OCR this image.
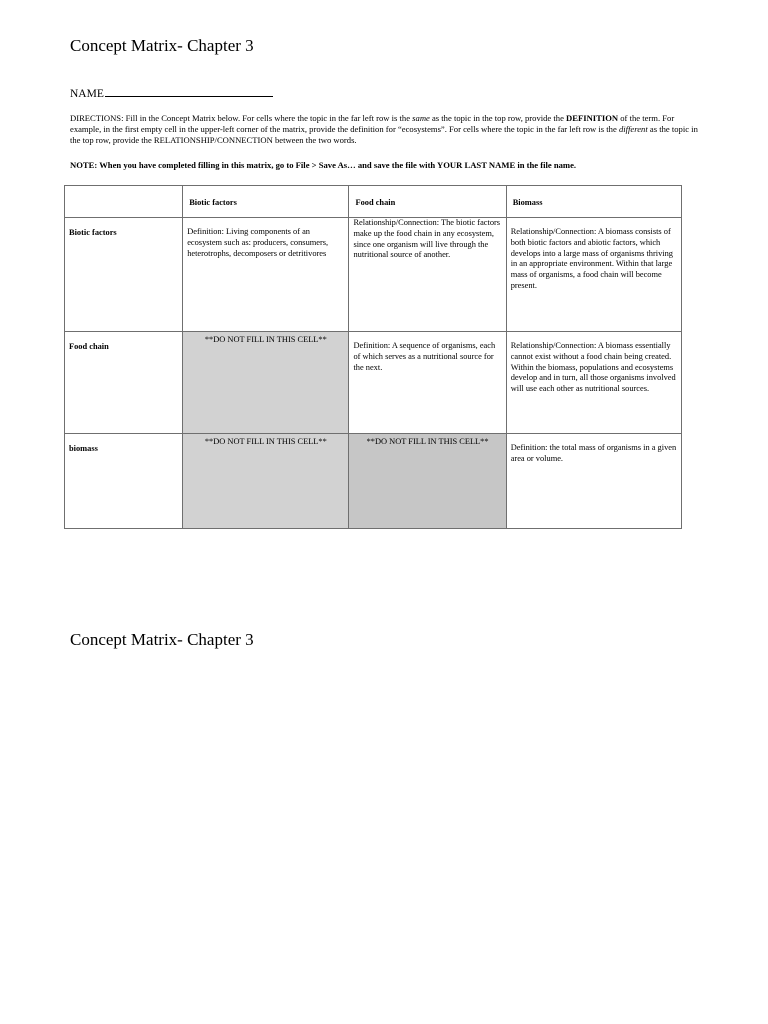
Concept Matrix- Chapter 3
NAME
DIRECTIONS: Fill in the Concept Matrix below. For cells where the topic in the far left row is the same as the topic in the top row, provide the DEFINITION of the term. For example, in the first empty cell in the upper-left corner of the matrix, provide the definition for “ecosystems”. For cells where the topic in the far left row is the different as the topic in the top row, provide the RELATIONSHIP/CONNECTION between the two words.
NOTE: When you have completed filling in this matrix, go to File > Save As… and save the file with YOUR LAST NAME in the file name.
	Biotic factors	Food chain	Biomass
Biotic factors	Definition: Living components of an ecosystem such as: producers, consumers, heterotrophs, decomposers or detritivores	Relationship/Connection: The biotic factors make up the food chain in any ecosystem, since one organism will live through the nutritional source of another.	Relationship/Connection: A biomass consists of both biotic factors and abiotic factors, which develops into a large mass of organisms thriving in an appropriate environment. Within that large mass of organisms, a food chain will become present.
Food chain	**DO NOT FILL IN THIS CELL**	Definition: A sequence of organisms, each of which serves as a nutritional source for the next.	Relationship/Connection: A biomass essentially cannot exist without a food chain being created. Within the biomass, populations and ecosystems develop and in turn, all those organisms involved will use each other as nutritional sources.
biomass	**DO NOT FILL IN THIS CELL**	**DO NOT FILL IN THIS CELL**	Definition: the total mass of organisms in a given area or volume.
Concept Matrix- Chapter 3
